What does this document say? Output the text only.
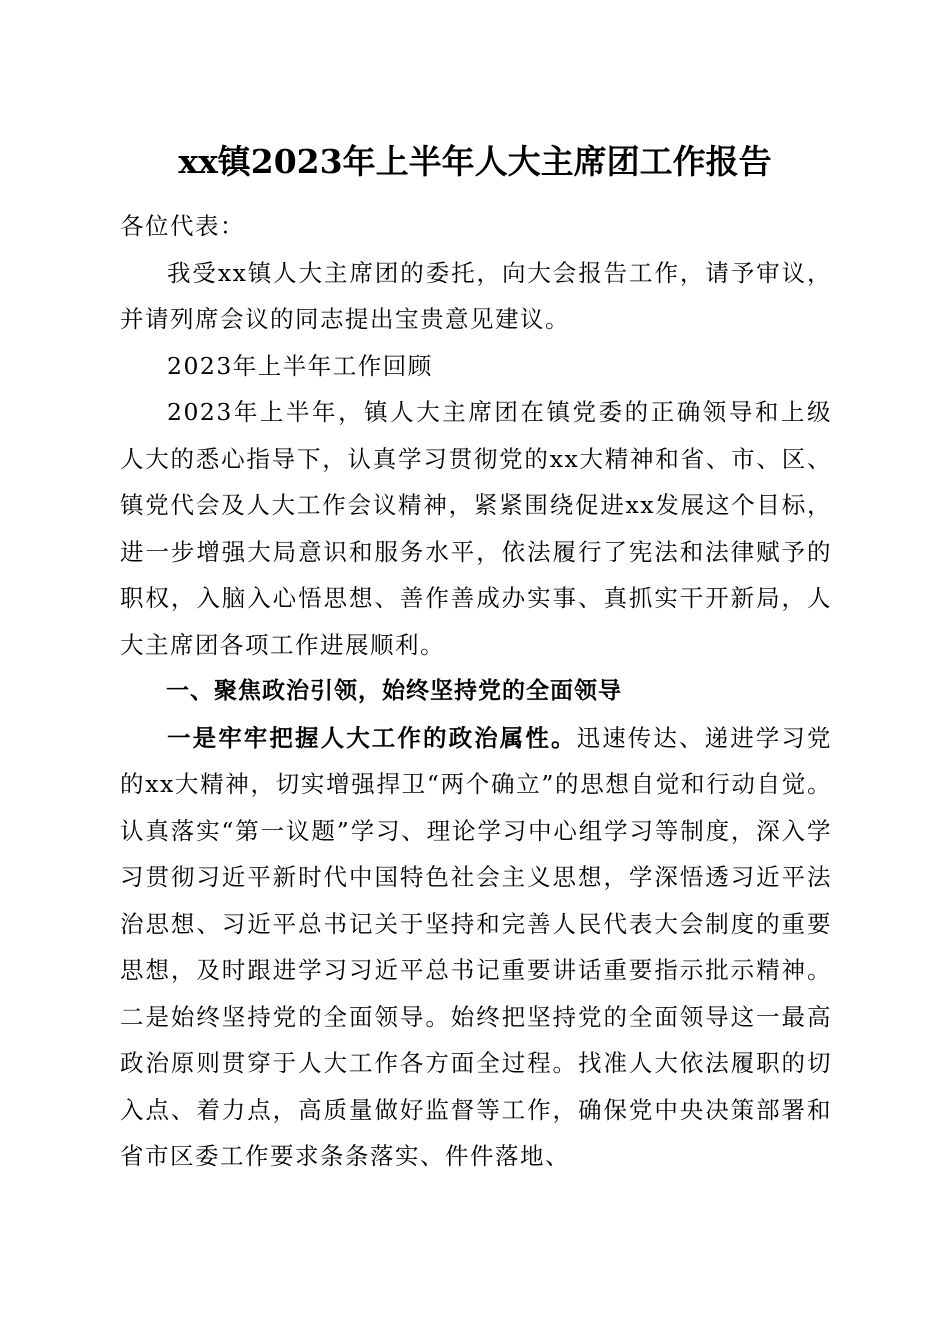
xx镇2023年上半年人大主席团工作报告

各位代表：

我受xx镇人大主席团的委托，向大会报告工作，请予审议，并请列席会议的同志提出宝贵意见建议。

2023年上半年工作回顾

2023年上半年，镇人大主席团在镇党委的正确领导和上级人大的悉心指导下，认真学习贯彻党的xx大精神和省、市、区、镇党代会及人大工作会议精神，紧紧围绕促进xx发展这个目标，进一步增强大局意识和服务水平，依法履行了宪法和法律赋予的职权，入脑入心悟思想、善作善成办实事、真抓实干开新局，人大主席团各项工作进展顺利。

一、聚焦政治引领，始终坚持党的全面领导

一是牢牢把握人大工作的政治属性。迅速传达、递进学习党的xx大精神，切实增强捍卫“两个确立”的思想自觉和行动自觉。认真落实“第一议题”学习、理论学习中心组学习等制度，深入学习贯彻习近平新时代中国特色社会主义思想，学深悟透习近平法治思想、习近平总书记关于坚持和完善人民代表大会制度的重要思想，及时跟进学习习近平总书记重要讲话重要指示批示精神。二是始终坚持党的全面领导。始终把坚持党的全面领导这一最高政治原则贯穿于人大工作各方面全过程。找准人大依法履职的切入点、着力点，高质量做好监督等工作，确保党中央决策部署和省市区委工作要求条条落实、件件落地、
